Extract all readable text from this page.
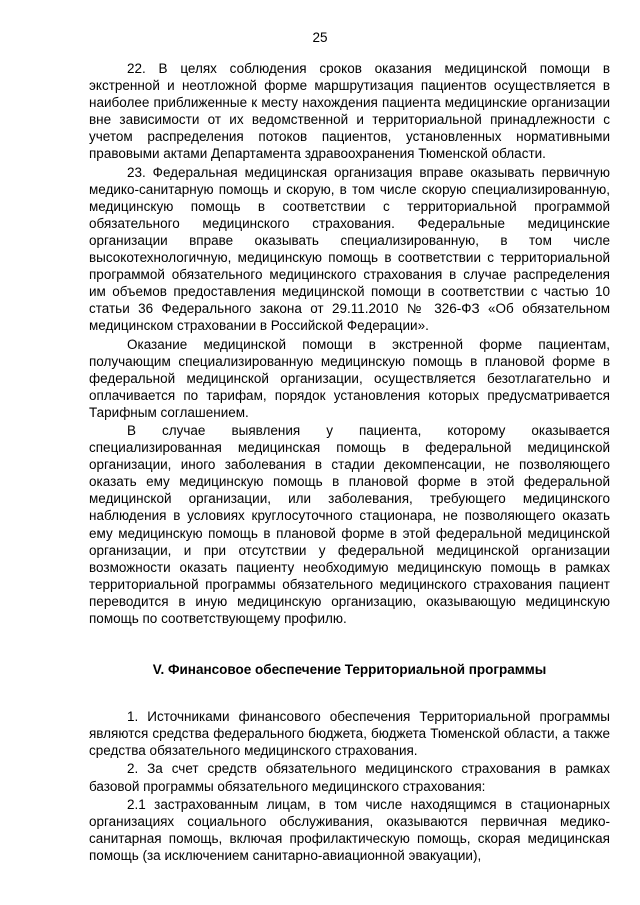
25

22. В целях соблюдения сроков оказания медицинской помощи в экстренной и неотложной форме маршрутизация пациентов осуществляется в наиболее приближенные к месту нахождения пациента медицинские организации вне зависимости от их ведомственной и территориальной принадлежности с учетом распределения потоков пациентов, установленных нормативными правовыми актами Департамента здравоохранения Тюменской области.

23. Федеральная медицинская организация вправе оказывать первичную медико-санитарную помощь и скорую, в том числе скорую специализированную, медицинскую помощь в соответствии с территориальной программой обязательного медицинского страхования. Федеральные медицинские организации вправе оказывать специализированную, в том числе высокотехнологичную, медицинскую помощь в соответствии с территориальной программой обязательного медицинского страхования в случае распределения им объемов предоставления медицинской помощи в соответствии с частью 10 статьи 36 Федерального закона от 29.11.2010 № 326-ФЗ «Об обязательном медицинском страховании в Российской Федерации».

Оказание медицинской помощи в экстренной форме пациентам, получающим специализированную медицинскую помощь в плановой форме в федеральной медицинской организации, осуществляется безотлагательно и оплачивается по тарифам, порядок установления которых предусматривается Тарифным соглашением.

В случае выявления у пациента, которому оказывается специализированная медицинская помощь в федеральной медицинской организации, иного заболевания в стадии декомпенсации, не позволяющего оказать ему медицинскую помощь в плановой форме в этой федеральной медицинской организации, или заболевания, требующего медицинского наблюдения в условиях круглосуточного стационара, не позволяющего оказать ему медицинскую помощь в плановой форме в этой федеральной медицинской организации, и при отсутствии у федеральной медицинской организации возможности оказать пациенту необходимую медицинскую помощь в рамках территориальной программы обязательного медицинского страхования пациент переводится в иную медицинскую организацию, оказывающую медицинскую помощь по соответствующему профилю.

V. Финансовое обеспечение Территориальной программы

1. Источниками финансового обеспечения Территориальной программы являются средства федерального бюджета, бюджета Тюменской области, а также средства обязательного медицинского страхования.

2. За счет средств обязательного медицинского страхования в рамках базовой программы обязательного медицинского страхования:

2.1 застрахованным лицам, в том числе находящимся в стационарных организациях социального обслуживания, оказываются первичная медико-санитарная помощь, включая профилактическую помощь, скорая медицинская помощь (за исключением санитарно-авиационной эвакуации),
